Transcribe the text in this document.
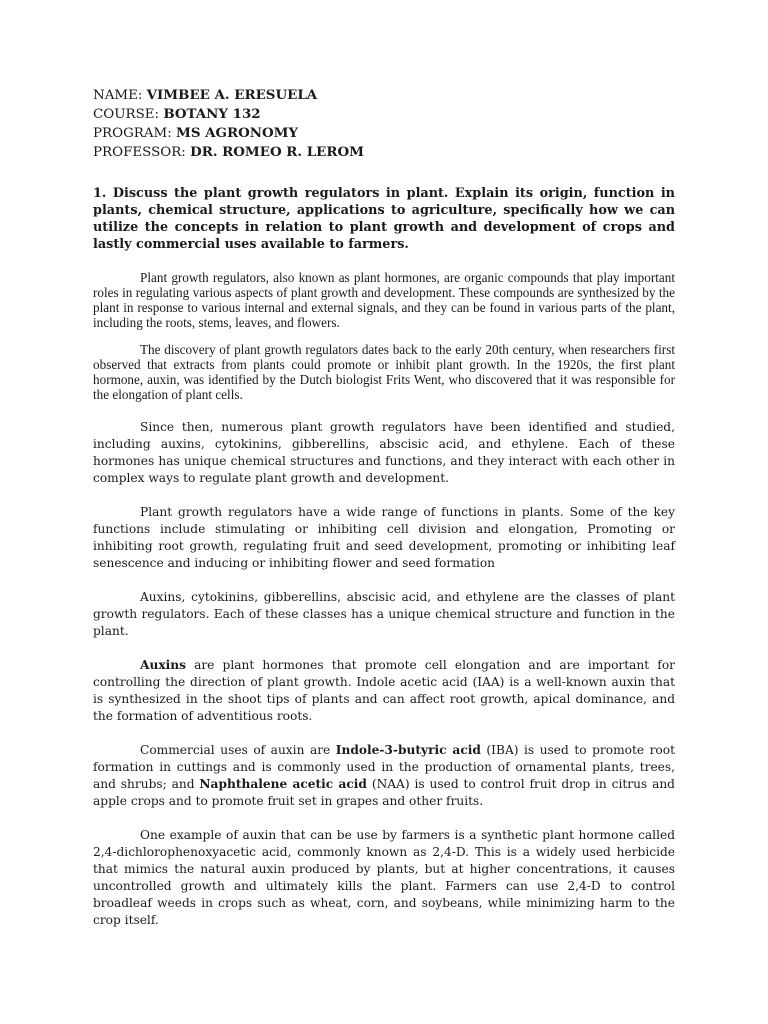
NAME: VIMBEE A. ERESUELA
COURSE: BOTANY 132
PROGRAM: MS AGRONOMY
PROFESSOR: DR. ROMEO R. LEROM

1. Discuss the plant growth regulators in plant. Explain its origin, function in plants, chemical structure, applications to agriculture, specifically how we can utilize the concepts in relation to plant growth and development of crops and lastly commercial uses available to farmers.

Plant growth regulators, also known as plant hormones, are organic compounds that play important roles in regulating various aspects of plant growth and development. These compounds are synthesized by the plant in response to various internal and external signals, and they can be found in various parts of the plant, including the roots, stems, leaves, and flowers.

The discovery of plant growth regulators dates back to the early 20th century, when researchers first observed that extracts from plants could promote or inhibit plant growth. In the 1920s, the first plant hormone, auxin, was identified by the Dutch biologist Frits Went, who discovered that it was responsible for the elongation of plant cells.

Since then, numerous plant growth regulators have been identified and studied, including auxins, cytokinins, gibberellins, abscisic acid, and ethylene. Each of these hormones has unique chemical structures and functions, and they interact with each other in complex ways to regulate plant growth and development.

Plant growth regulators have a wide range of functions in plants. Some of the key functions include stimulating or inhibiting cell division and elongation, Promoting or inhibiting root growth, regulating fruit and seed development, promoting or inhibiting leaf senescence and inducing or inhibiting flower and seed formation

Auxins, cytokinins, gibberellins, abscisic acid, and ethylene are the classes of plant growth regulators. Each of these classes has a unique chemical structure and function in the plant.

Auxins are plant hormones that promote cell elongation and are important for controlling the direction of plant growth. Indole acetic acid (IAA) is a well-known auxin that is synthesized in the shoot tips of plants and can affect root growth, apical dominance, and the formation of adventitious roots.

Commercial uses of auxin are Indole-3-butyric acid (IBA) is used to promote root formation in cuttings and is commonly used in the production of ornamental plants, trees, and shrubs; and Naphthalene acetic acid (NAA) is used to control fruit drop in citrus and apple crops and to promote fruit set in grapes and other fruits.

One example of auxin that can be use by farmers is a synthetic plant hormone called 2,4-dichlorophenoxyacetic acid, commonly known as 2,4-D. This is a widely used herbicide that mimics the natural auxin produced by plants, but at higher concentrations, it causes uncontrolled growth and ultimately kills the plant. Farmers can use 2,4-D to control broadleaf weeds in crops such as wheat, corn, and soybeans, while minimizing harm to the crop itself.
